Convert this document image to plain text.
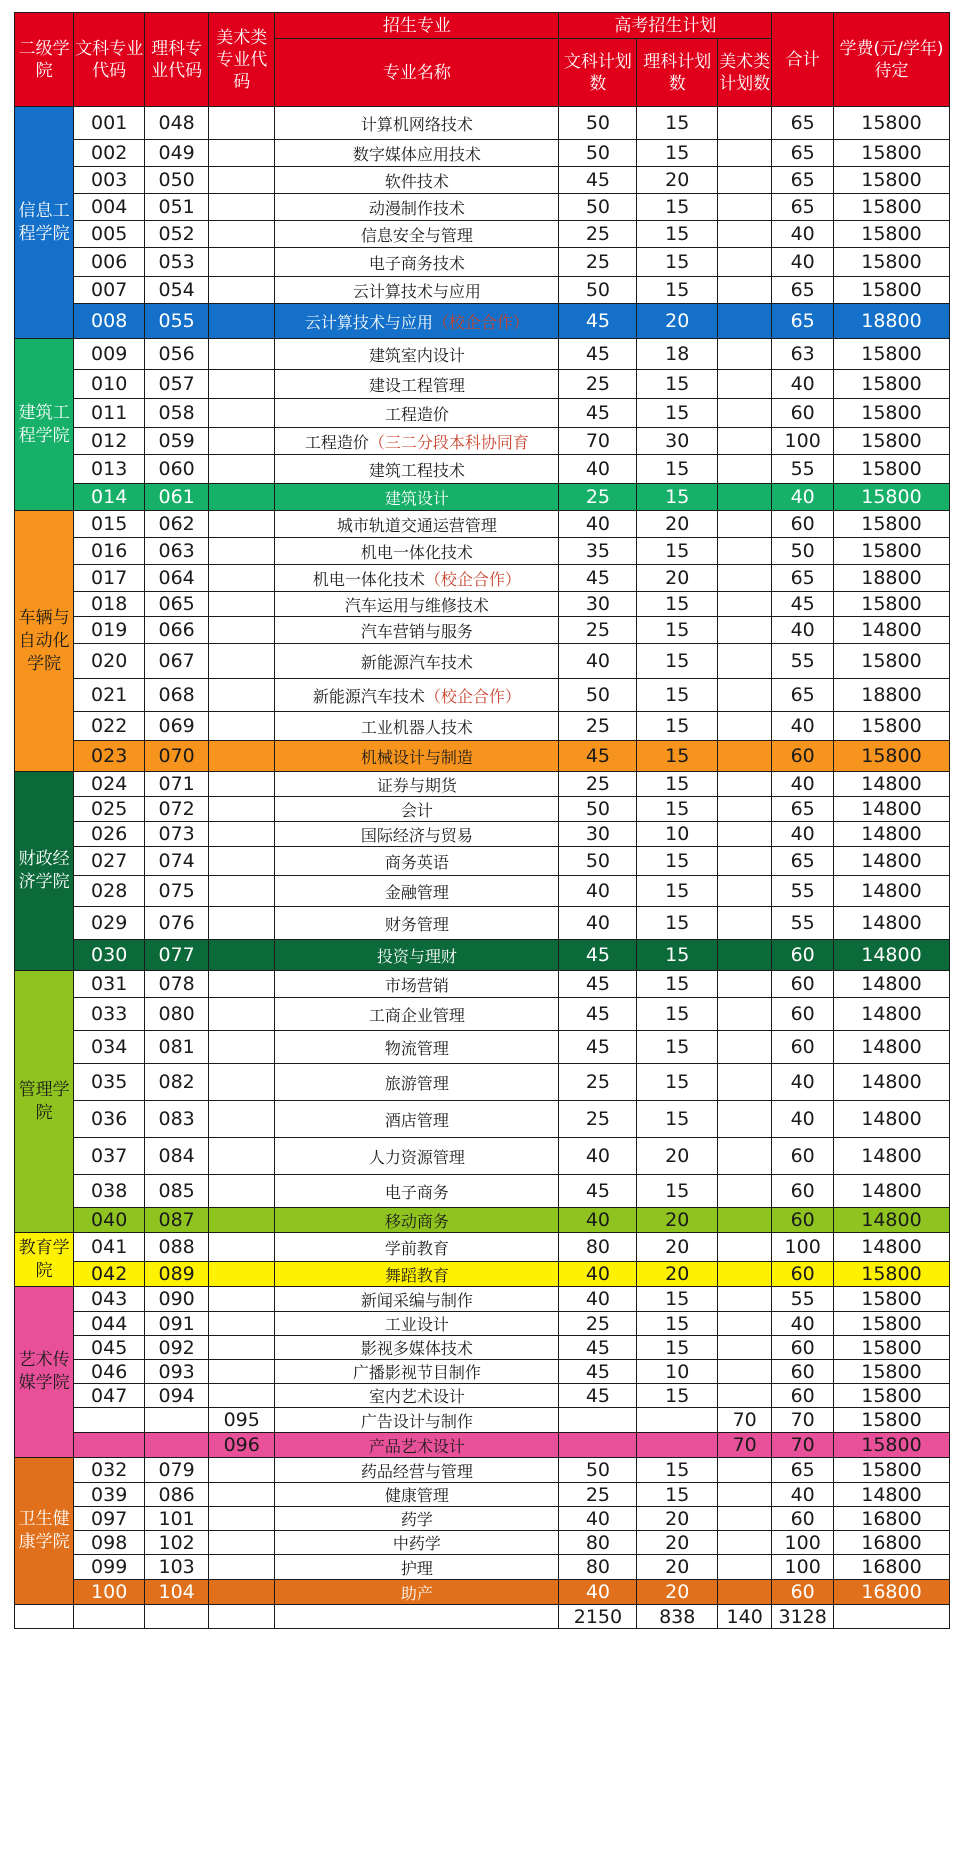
二级学院	文科专业代码	理科专业代码	美术类专业代码	招生专业	高考招生计划			合计	学费(元/学年)待定
				专业名称	文科计划数	理科计划数	美术类计划数		
信息工程学院	001	048		计算机网络技术	50	15		65	15800
	002	049		数字媒体应用技术	50	15		65	15800
	003	050		软件技术	45	20		65	15800
	004	051		动漫制作技术	50	15		65	15800
	005	052		信息安全与管理	25	15		40	15800
	006	053		电子商务技术	25	15		40	15800
	007	054		云计算技术与应用	50	15		65	15800
	008	055		云计算技术与应用（校企合作）	45	20		65	18800
建筑工程学院	009	056		建筑室内设计	45	18		63	15800
	010	057		建设工程管理	25	15		40	15800
	011	058		工程造价	45	15		60	15800
	012	059		工程造价（三二分段本科协同育	70	30		100	15800
	013	060		建筑工程技术	40	15		55	15800
	014	061		建筑设计	25	15		40	15800
车辆与自动化学院	015	062		城市轨道交通运营管理	40	20		60	15800
	016	063		机电一体化技术	35	15		50	15800
	017	064		机电一体化技术（校企合作）	45	20		65	18800
	018	065		汽车运用与维修技术	30	15		45	15800
	019	066		汽车营销与服务	25	15		40	14800
	020	067		新能源汽车技术	40	15		55	15800
	021	068		新能源汽车技术（校企合作）	50	15		65	18800
	022	069		工业机器人技术	25	15		40	15800
	023	070		机械设计与制造	45	15		60	15800
财政经济学院	024	071		证券与期货	25	15		40	14800
	025	072		会计	50	15		65	14800
	026	073		国际经济与贸易	30	10		40	14800
	027	074		商务英语	50	15		65	14800
	028	075		金融管理	40	15		55	14800
	029	076		财务管理	40	15		55	14800
	030	077		投资与理财	45	15		60	14800
管理学院	031	078		市场营销	45	15		60	14800
	033	080		工商企业管理	45	15		60	14800
	034	081		物流管理	45	15		60	14800
	035	082		旅游管理	25	15		40	14800
	036	083		酒店管理	25	15		40	14800
	037	084		人力资源管理	40	20		60	14800
	038	085		电子商务	45	15		60	14800
	040	087		移动商务	40	20		60	14800
教育学院	041	088		学前教育	80	20		100	14800
	042	089		舞蹈教育	40	20		60	15800
艺术传媒学院	043	090		新闻采编与制作	40	15		55	15800
	044	091		工业设计	25	15		40	15800
	045	092		影视多媒体技术	45	15		60	15800
	046	093		广播影视节目制作	45	10		60	15800
	047	094		室内艺术设计	45	15		60	15800
			095	广告设计与制作			70	70	15800
			096	产品艺术设计			70	70	15800
卫生健康学院	032	079		药品经营与管理	50	15		65	15800
	039	086		健康管理	25	15		40	14800
	097	101		药学	40	20		60	16800
	098	102		中药学	80	20		100	16800
	099	103		护理	80	20		100	16800
	100	104		助产	40	20		60	16800
					2150	838	140	3128	
